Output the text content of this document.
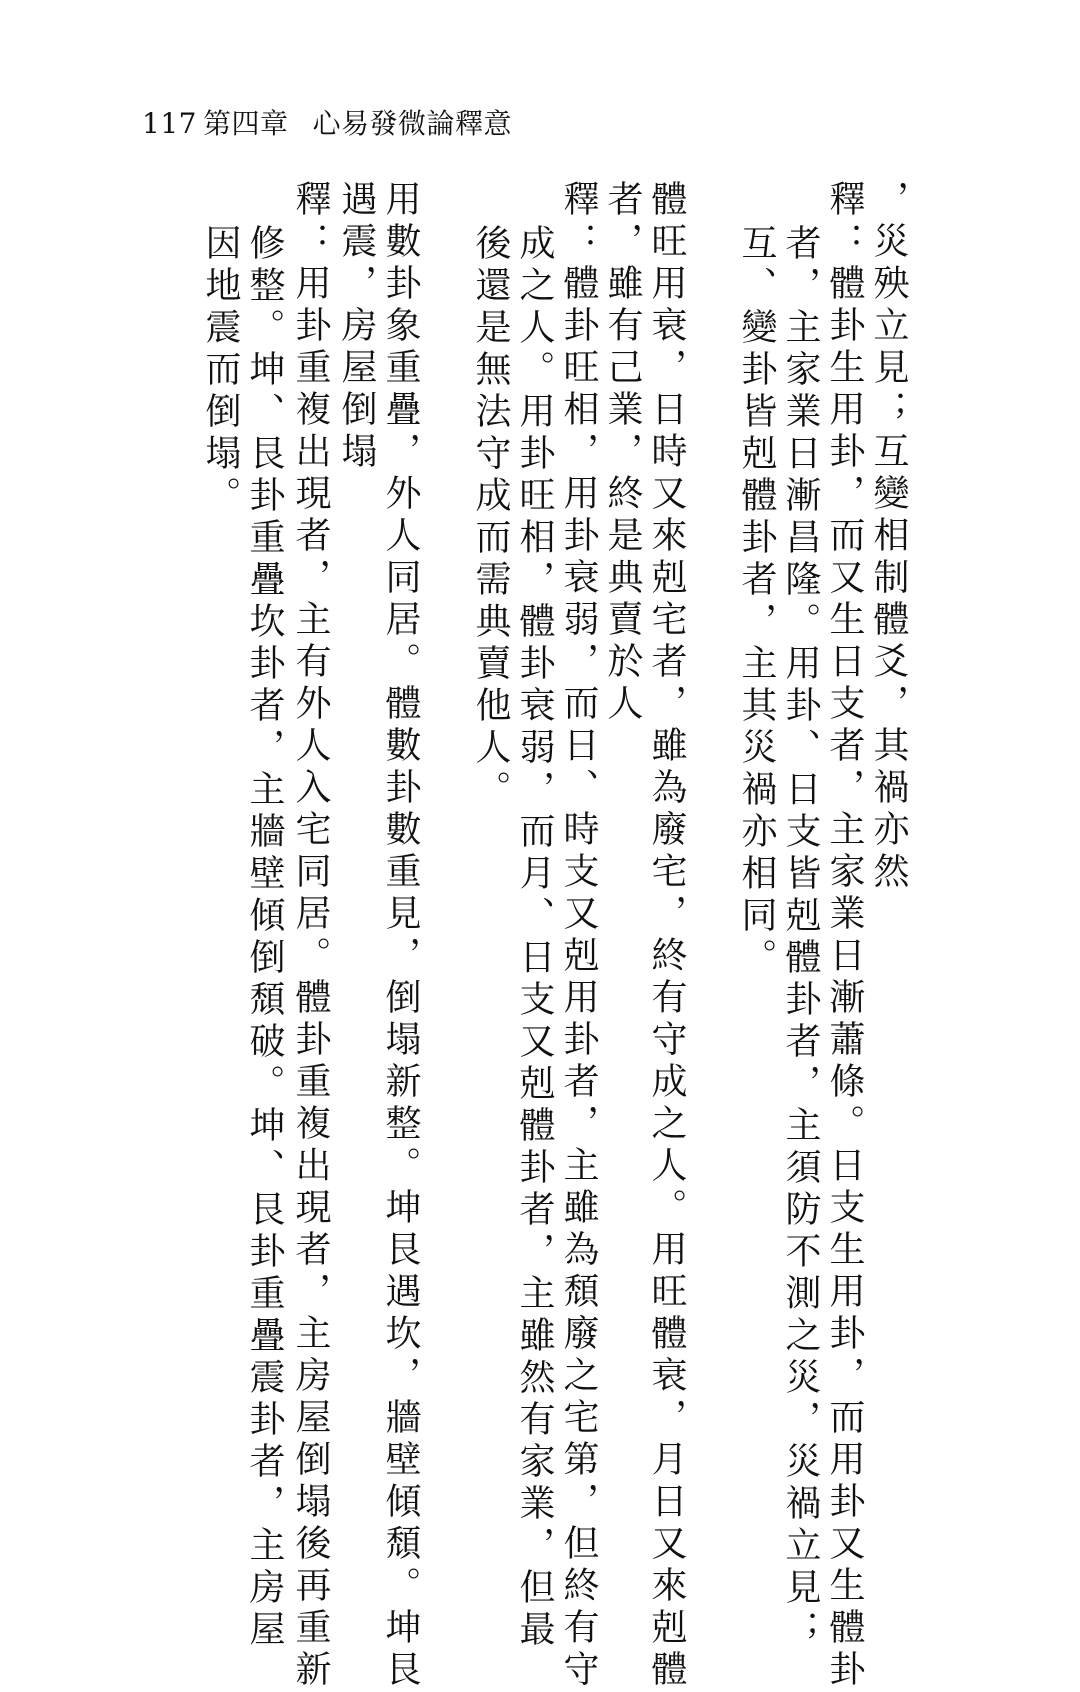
117 第四章 心易發微論釋意
，災殃立見；互變相制體爻，其禍亦然
釋：體卦生用卦，而又生日支者，主家業日漸蕭條。日支生用卦，而用卦又生體卦
者，主家業日漸昌隆。用卦、日支皆剋體卦者，主須防不測之災，災禍立見；
互、變卦皆剋體卦者，主其災禍亦相同。
體旺用衰，日時又來剋宅者，雖為廢宅，終有守成之人。用旺體衰，月日又來剋體
者，雖有己業，終是典賣於人
釋：體卦旺相，用卦衰弱，而日、時支又剋用卦者，主雖為頹廢之宅第，但終有守
成之人。用卦旺相，體卦衰弱，而月、日支又剋體卦者，主雖然有家業，但最
後還是無法守成而需典賣他人。
用數卦象重疊，外人同居。體數卦數重見，倒塌新整。坤艮遇坎，牆壁傾頹。坤艮
遇震，房屋倒塌
釋：用卦重複出現者，主有外人入宅同居。體卦重複出現者，主房屋倒塌後再重新
修整。坤、艮卦重疊坎卦者，主牆壁傾倒頹破。坤、艮卦重疊震卦者，主房屋
因地震而倒塌。
